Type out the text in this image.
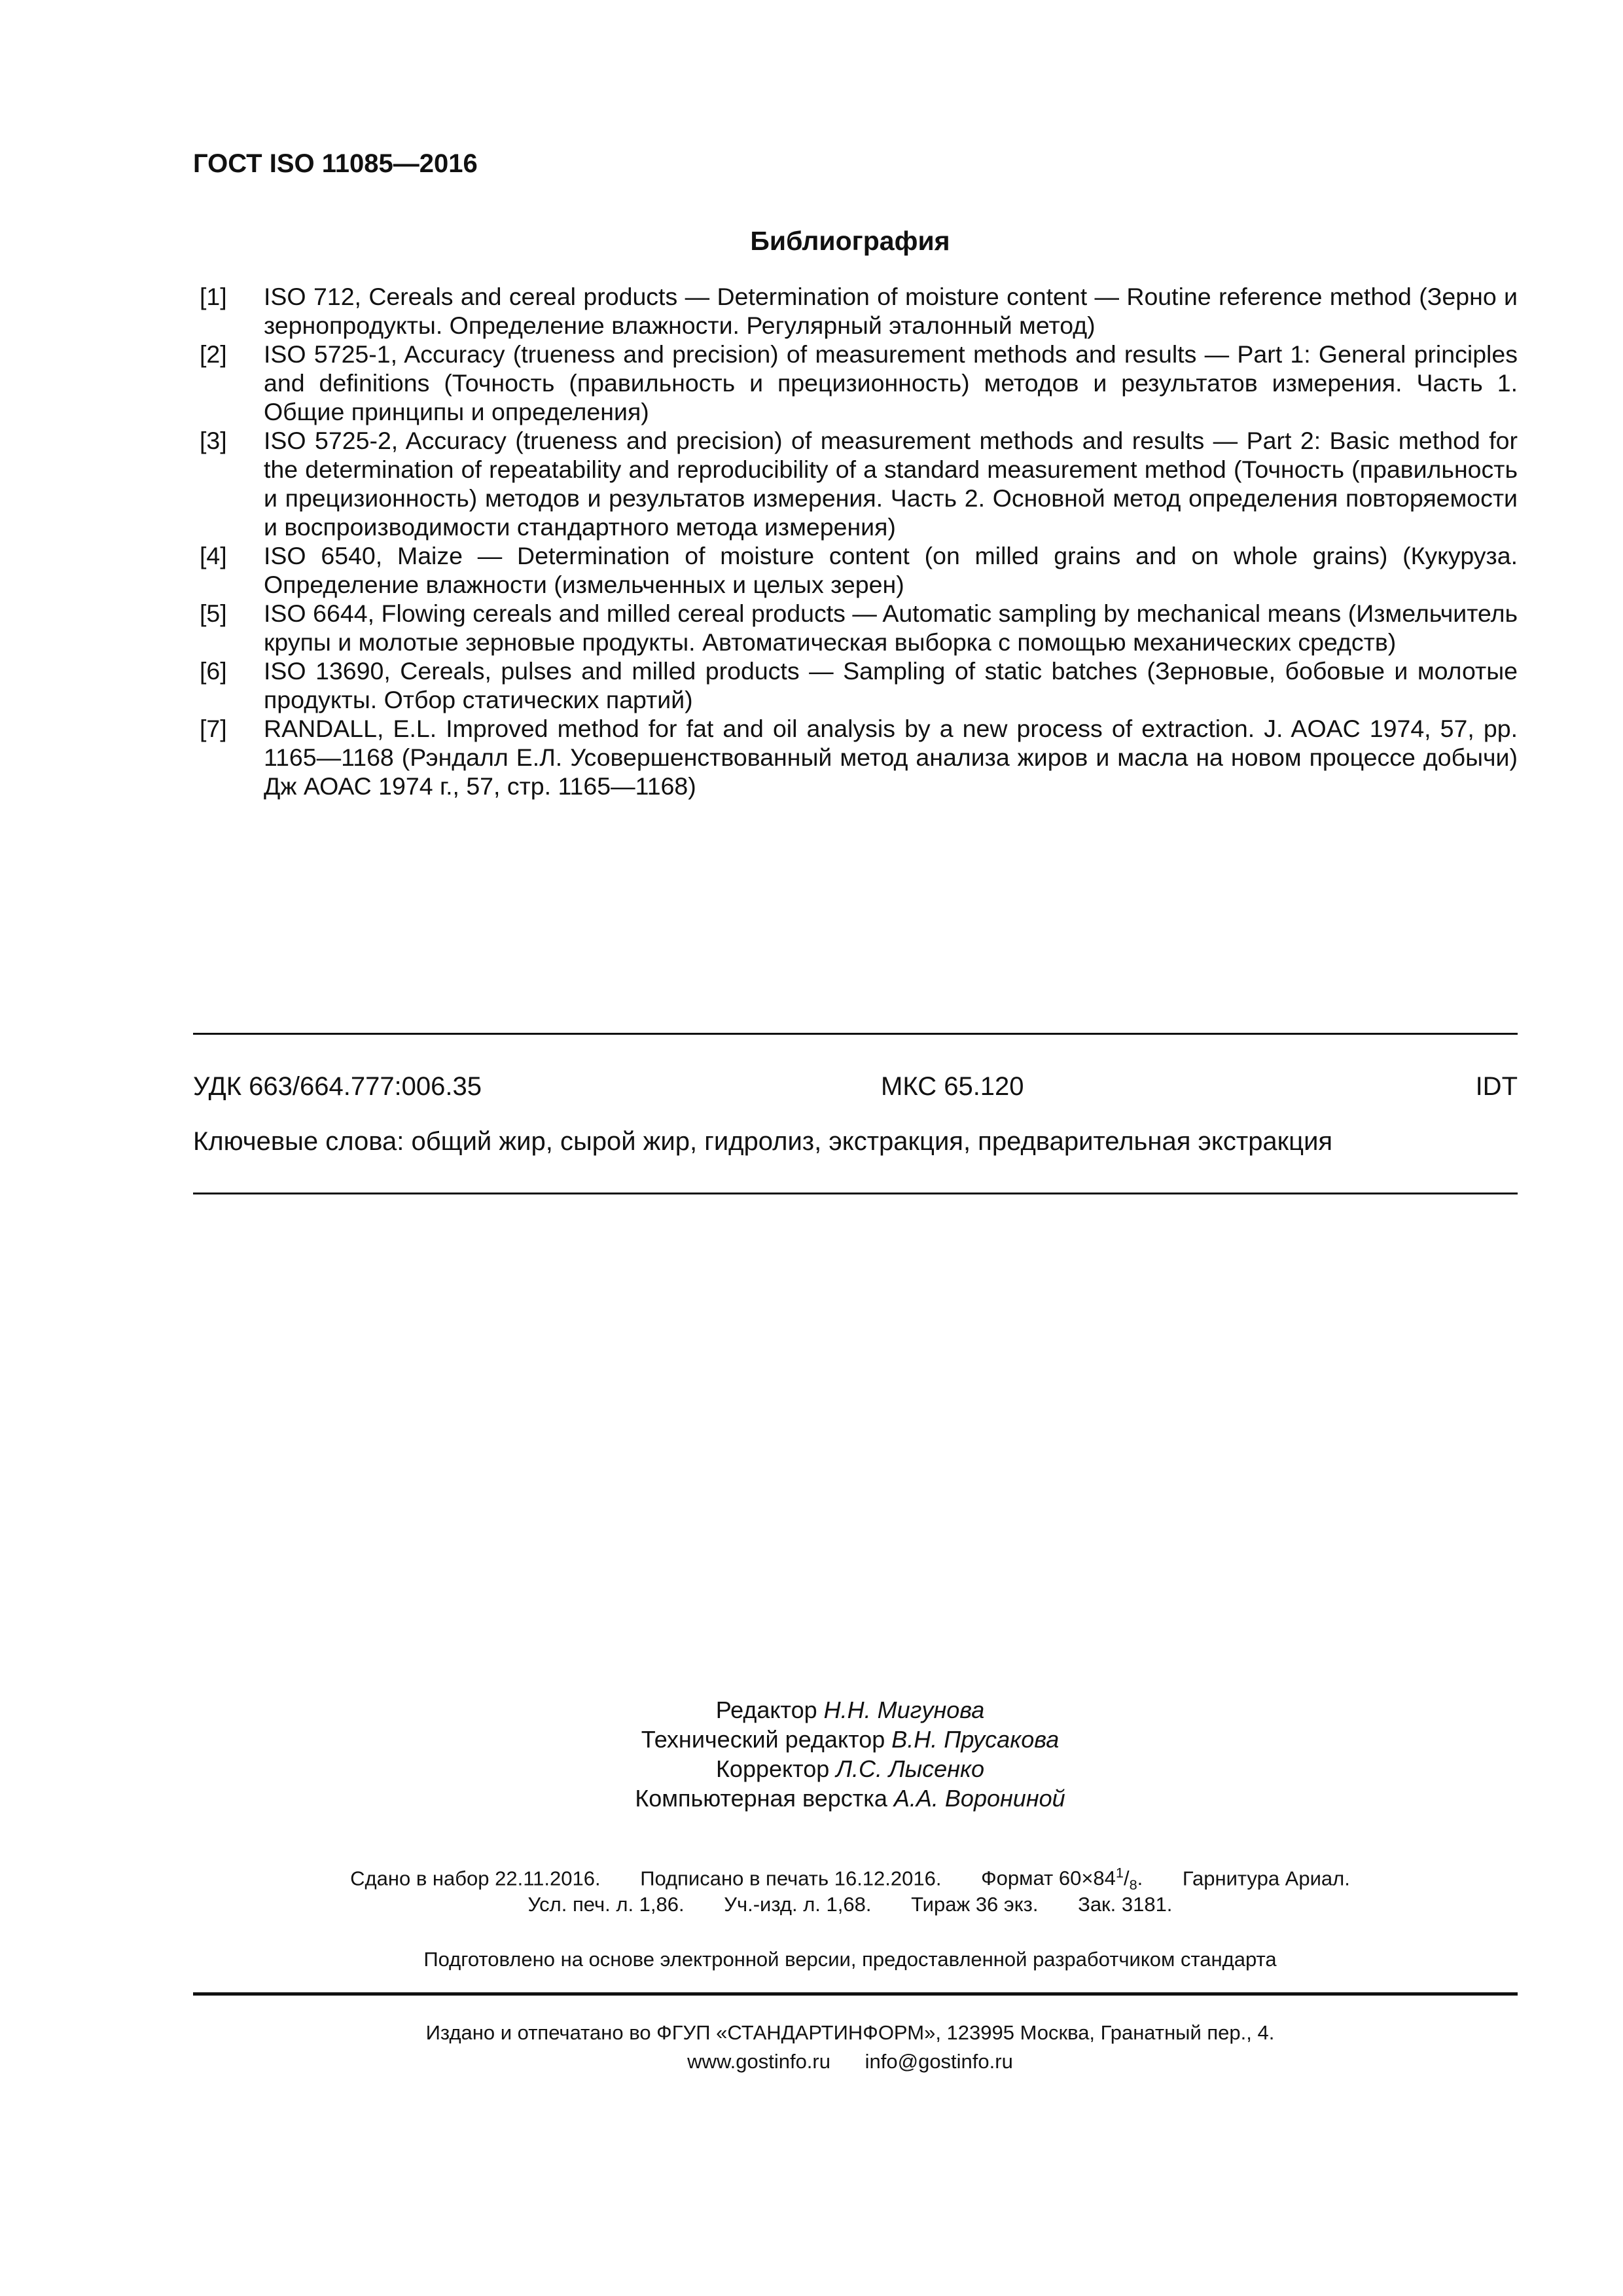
ГОСТ ISO 11085—2016
Библиография
[1]	ISO 712, Cereals and cereal products — Determination of moisture content — Routine reference method (Зерно и зернопродукты. Определение влажности. Регулярный эталонный метод)
[2]	ISO 5725-1, Accuracy (trueness and precision) of measurement methods and results — Part 1: General principles and definitions (Точность (правильность и прецизионность) методов и результатов измерения. Часть 1. Общие принципы и определения)
[3]	ISO 5725-2, Accuracy (trueness and precision) of measurement methods and results — Part 2: Basic method for the determination of repeatability and reproducibility of a standard measurement method (Точность (правильность и прецизионность) методов и результатов измерения. Часть 2. Основной метод определения повторяемости и воспроизводимости стандартного метода измерения)
[4]	ISO 6540, Maize — Determination of moisture content (on milled grains and on whole grains) (Кукуруза. Определение влажности (измельченных и целых зерен)
[5]	ISO 6644, Flowing cereals and milled cereal products — Automatic sampling by mechanical means (Измельчитель крупы и молотые зерновые продукты. Автоматическая выборка с помощью механических средств)
[6]	ISO 13690, Cereals, pulses and milled products — Sampling of static batches (Зерновые, бобовые и молотые продукты. Отбор статических партий)
[7]	RANDALL, E.L. Improved method for fat and oil analysis by a new process of extraction. J. AOAC 1974, 57, pp. 1165—1168 (Рэндалл Е.Л. Усовершенствованный метод анализа жиров и масла на новом процессе добычи) Дж АОАС 1974 г., 57, стр. 1165—1168)
УДК 663/664.777:006.35	МКС 65.120	IDT
Ключевые слова: общий жир, сырой жир, гидролиз, экстракция, предварительная экстракция
Редактор Н.Н. Мигунова
Технический редактор В.Н. Прусакова
Корректор Л.С. Лысенко
Компьютерная верстка А.А. Ворониной
Сдано в набор 22.11.2016. Подписано в печать 16.12.2016. Формат $60\times 84^1/_8$. Гарнитура Ариал.
Усл. печ. л. 1,86. Уч.-изд. л. 1,68. Тираж 36 экз. Зак. 3181.
Подготовлено на основе электронной версии, предоставленной разработчиком стандарта
Издано и отпечатано во ФГУП «СТАНДАРТИНФОРМ», 123995 Москва, Гранатный пер., 4.
www.gostinfo.ru info@gostinfo.ru
